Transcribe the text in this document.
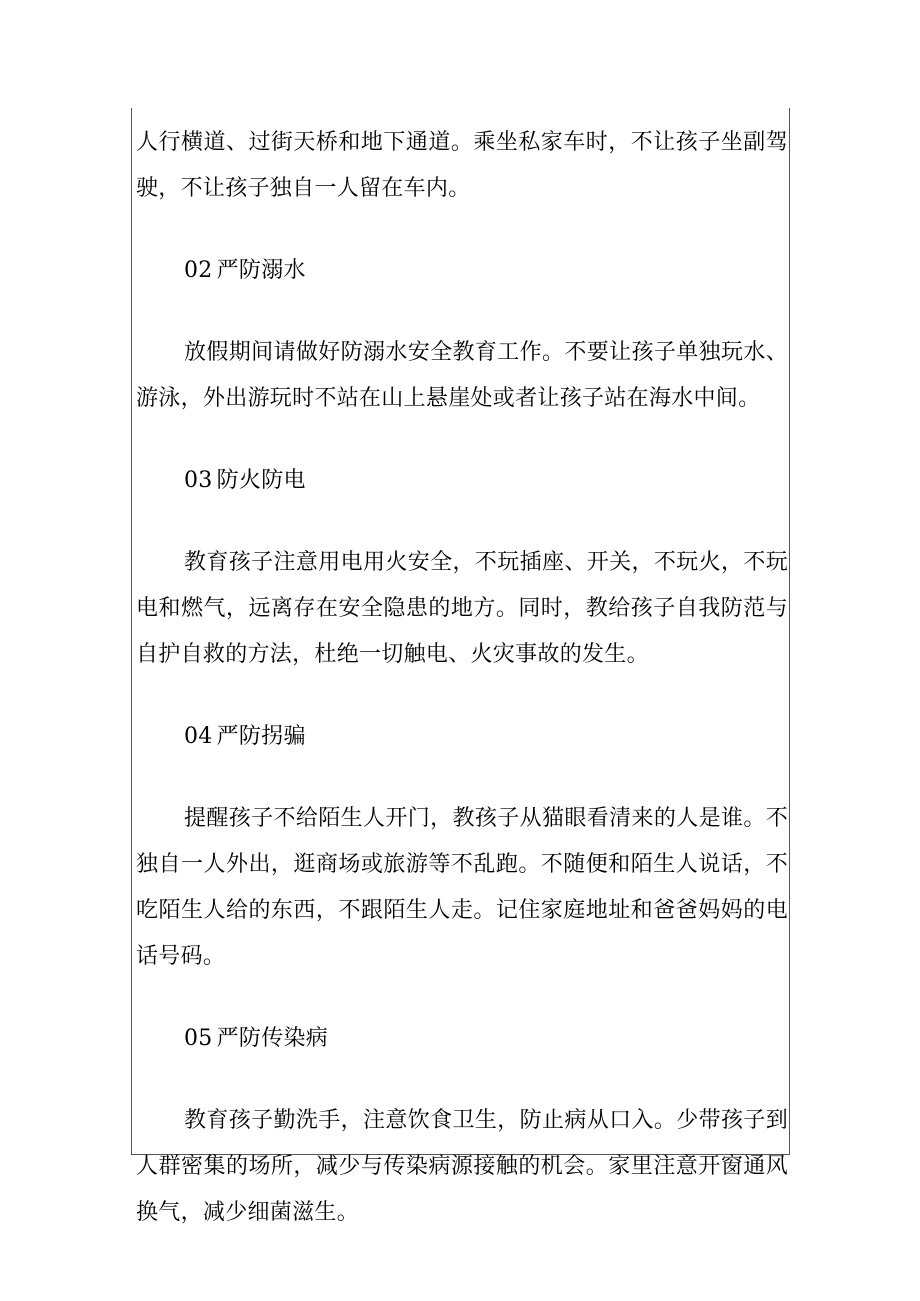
人行横道、过街天桥和地下通道。乘坐私家车时，不让孩子坐副驾驶，不让孩子独自一人留在车内。

02 严防溺水

放假期间请做好防溺水安全教育工作。不要让孩子单独玩水、游泳，外出游玩时不站在山上悬崖处或者让孩子站在海水中间。

03 防火防电

教育孩子注意用电用火安全，不玩插座、开关，不玩火，不玩电和燃气，远离存在安全隐患的地方。同时，教给孩子自我防范与自护自救的方法，杜绝一切触电、火灾事故的发生。

04 严防拐骗

提醒孩子不给陌生人开门，教孩子从猫眼看清来的人是谁。不独自一人外出，逛商场或旅游等不乱跑。不随便和陌生人说话，不吃陌生人给的东西，不跟陌生人走。记住家庭地址和爸爸妈妈的电话号码。

05 严防传染病

教育孩子勤洗手，注意饮食卫生，防止病从口入。少带孩子到人群密集的场所，减少与传染病源接触的机会。家里注意开窗通风换气，减少细菌滋生。
